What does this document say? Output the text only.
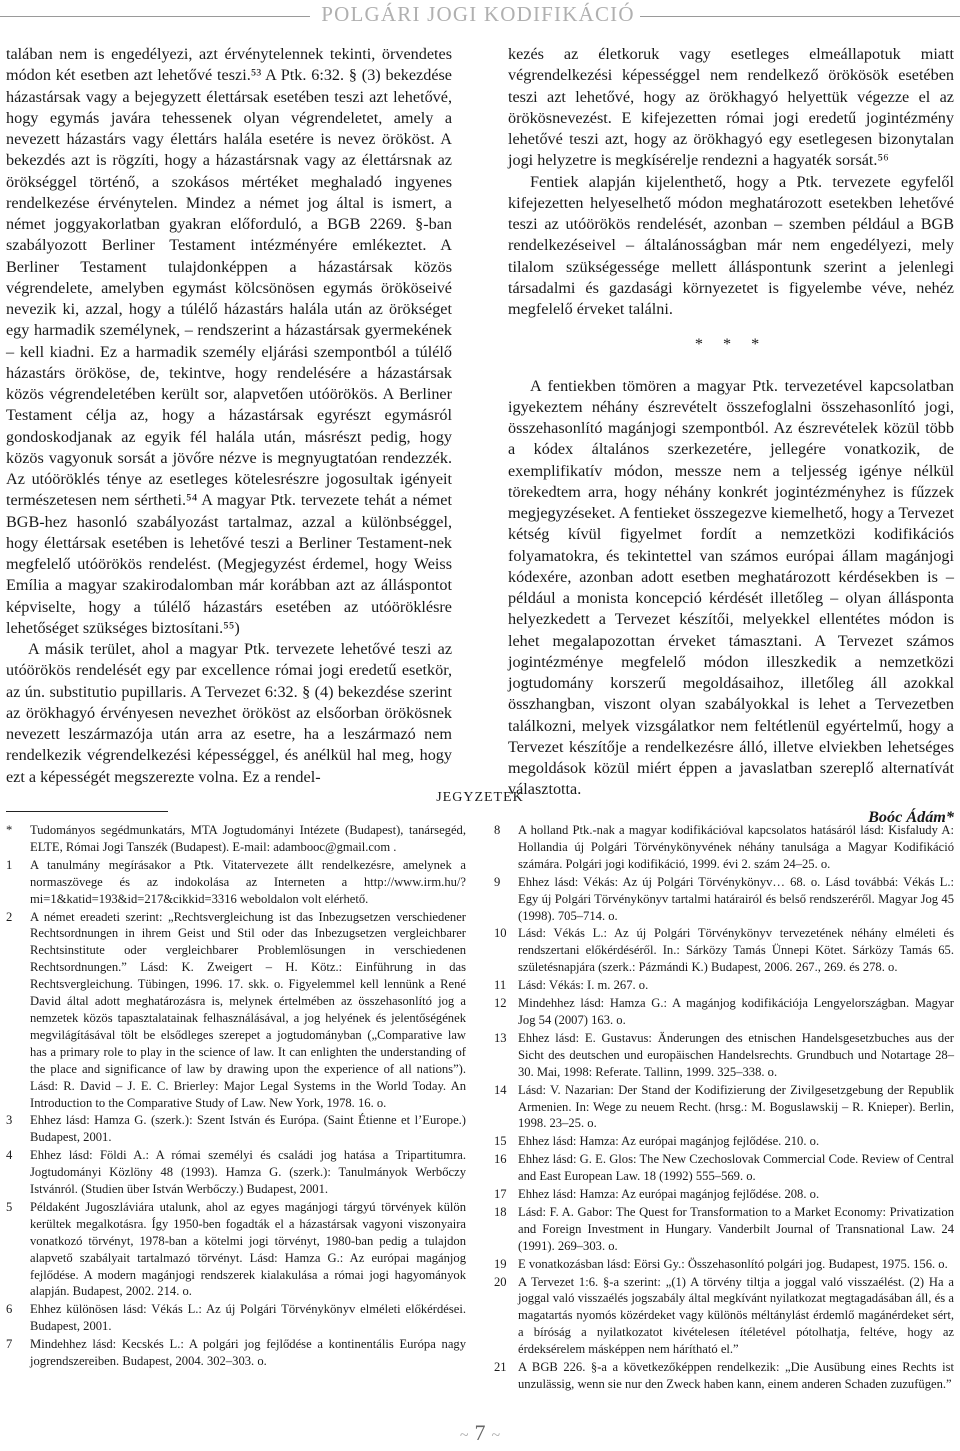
POLGÁRI JOGI KODIFIKÁCIÓ

talában nem is engedélyezi, azt érvénytelennek tekinti, örvendetes módon két esetben azt lehetővé teszi.⁵³ A Ptk. 6:32. § (3) bekezdése házastársak vagy a bejegyzett élettársak esetében teszi azt lehetővé, hogy egymás javára tehessenek olyan végrendeletet, amely a nevezett házastárs vagy élettárs halála esetére is nevez örököst. A bekezdés azt is rögzíti, hogy a házastársnak vagy az élettársnak az örökséggel történő, a szokásos mértéket meghaladó ingyenes rendelkezése érvénytelen. Mindez a német jog által is ismert, a német joggyakorlatban gyakran előforduló, a BGB 2269. §-ban szabályozott Berliner Testament intézményére emlékeztet. A Berliner Testament tulajdonképpen a házastársak közös végrendelete, amelyben egymást kölcsönösen egymás örököseivé nevezik ki, azzal, hogy a túlélő házastárs halála után az örökséget egy harmadik személynek, – rendszerint a házastársak gyermekének – kell kiadni. Ez a harmadik személy eljárási szempontból a túlélő házastárs örököse, de, tekintve, hogy rendelésére a házastársak közös végrendeletében került sor, alapvetően utóörökös. A Berliner Testament célja az, hogy a házastársak egyrészt egymásról gondoskodjanak az egyik fél halála után, másrészt pedig, hogy közös vagyonuk sorsát a jövőre nézve is megnyugtatóan rendezzék. Az utóöröklés ténye az esetleges kötelesrészre jogosultak igényeit természetesen nem sértheti.⁵⁴ A magyar Ptk. tervezete tehát a német BGB-hez hasonló szabályozást tartalmaz, azzal a különbséggel, hogy élettársak esetében is lehetővé teszi a Berliner Testament-nek megfelelő utóörökös rendelést. (Megjegyzést érdemel, hogy Weiss Emília a magyar szakirodalomban már korábban azt az álláspontot képviselte, hogy a túlélő házastárs esetében az utóöröklésre lehetőséget szükséges biztosítani.⁵⁵)

A másik terület, ahol a magyar Ptk. tervezete lehetővé teszi az utóörökös rendelését egy par excellence római jogi eredetű esetkör, az ún. substitutio pupillaris. A Tervezet 6:32. § (4) bekezdése szerint az örökhagyó érvényesen nevezhet örököst az elsőorban örökösnek nevezett leszármazója után arra az esetre, ha a leszármazó nem rendelkezik végrendelkezési képességgel, és anélkül hal meg, hogy ezt a képességét megszerezte volna. Ez a rendel-

kezés az életkoruk vagy esetleges elmeállapotuk miatt végrendelkezési képességgel nem rendelkező örökösök esetében teszi azt lehetővé, hogy az örökhagyó helyettük végezze el az örökösnevezést. E kifejezetten római jogi eredetű jogintézmény lehetővé teszi azt, hogy az örökhagyó egy esetlegesen bizonytalan jogi helyzetre is megkísérelje rendezni a hagyaték sorsát.⁵⁶

Fentiek alapján kijelenthető, hogy a Ptk. tervezete egyfelől kifejezetten helyeselhető módon meghatározott esetekben lehetővé teszi az utóörökös rendelését, azonban – szemben például a BGB rendelkezéseivel – általánosságban már nem engedélyezi, mely tilalom szükségessége mellett álláspontunk szerint a jelenlegi társadalmi és gazdasági környezetet is figyelembe véve, nehéz megfelelő érveket találni.

* * *

A fentiekben tömören a magyar Ptk. tervezetével kapcsolatban igyekeztem néhány észrevételt összefoglalni összehasonlító jogi, összehasonlító magánjogi szempontból. Az észrevételek közül több a kódex általános szerkezetére, jellegére vonatkozik, de exemplifikatív módon, messze nem a teljesség igénye nélkül törekedtem arra, hogy néhány konkrét jogintézményhez is fűzzek megjegyzéseket. A fentieket összegezve kiemelhető, hogy a Tervezet kétség kívül figyelmet fordít a nemzetközi kodifikációs folyamatokra, és tekintettel van számos európai állam magánjogi kódexére, azonban adott esetben meghatározott kérdésekben is – például a monista koncepció kérdését illetőleg – olyan állásponta helyezkedett a Tervezet készítői, melyekkel ellentétes módon is lehet megalapozottan érveket támasztani. A Tervezet számos jogintézménye megfelelő módon illeszkedik a nemzetközi jogtudomány korszerű megoldásaihoz, illetőleg áll azokkal összhangban, viszont olyan szabályokkal is lehet a Tervezetben találkozni, melyek vizsgálatkor nem feltétlenül egyértelmű, hogy a Tervezet készítője a rendelkezésre álló, illetve elviekben lehetséges megoldások közül miért éppen a javaslatban szereplő alternatívát választotta.

Boóc Ádám*
JEGYZETEK
*	Tudományos segédmunkatárs, MTA Jogtudományi Intézete (Budapest), tanársegéd, ELTE, Római Jogi Tanszék (Budapest). E-mail: adambooc@gmail.com .
1	A tanulmány megírásakor a Ptk. Vitatervezete állt rendelkezésre, amelynek a normaszövege és az indokolása az Interneten a http://www.irm.hu/?mi=1&katid=193&id=217&cikkid=3316 weboldalon volt elérhető.
2	A német ereadeti szerint: „Rechtsvergleichung ist das Inbezugsetzen verschiedener Rechtsordnungen in ihrem Geist und Stil oder das Inbezugsetzen vergleichbarer Rechtsinstitute oder vergleichbarer Problemlösungen in verschiedenen Rechtsordnungen.” Lásd: K. Zweigert – H. Kötz.: Einführung in das Rechtsvergleichung. Tübingen, 1996. 17. skk. o. Figyelemmel kell lennünk a René David által adott meghatározásra is, melynek értelmében az összehasonlító jog a nemzetek közös tapasztalatainak felhasználásával, a jog helyének és jelentőségének megvilágításával tölt be elsődleges szerepet a jogtudományban („Comparative law has a primary role to play in the science of law. It can enlighten the understanding of the place and significance of law by drawing upon the experience of all nations”). Lásd: R. David – J. E. C. Brierley: Major Legal Systems in the World Today. An Introduction to the Comparative Study of Law. New York, 1978. 16. o.
3	Ehhez lásd: Hamza G. (szerk.): Szent István és Európa. (Saint Étienne et l’Europe.) Budapest, 2001.
4	Ehhez lásd: Földi A.: A római személyi és családi jog hatása a Tripartitumra. Jogtudományi Közlöny 48 (1993). Hamza G. (szerk.): Tanulmányok Werbőczy Istvánról. (Studien über István Werbőczy.) Budapest, 2001.
5	Példaként Jugoszláviára utalunk, ahol az egyes magánjogi tárgyú törvények külön kerültek megalkotásra. Így 1950-ben fogadták el a házastársak vagyoni viszonyaira vonatkozó törvényt, 1978-ban a kötelmi jogi törvényt, 1980-ban pedig a tulajdon alapvető szabályait tartalmazó törvényt. Lásd: Hamza G.: Az európai magánjog fejlődése. A modern magánjogi rendszerek kialakulása a római jogi hagyományok alapján. Budapest, 2002. 214. o.
6	Ehhez különösen lásd: Vékás L.: Az új Polgári Törvénykönyv elméleti előkérdései. Budapest, 2001.
7	Mindehhez lásd: Kecskés L.: A polgári jog fejlődése a kontinentális Európa nagy jogrendszereiben. Budapest, 2004. 302–303. o.
8	A holland Ptk.-nak a magyar kodifikációval kapcsolatos hatásáról lásd: Kisfaludy A: Hollandia új Polgári Törvénykönyvének néhány tanulsága a Magyar Kodifikáció számára. Polgári jogi kodifikáció, 1999. évi 2. szám 24–25. o.
9	Ehhez lásd: Vékás: Az új Polgári Törvénykönyv… 68. o. Lásd továbbá: Vékás L.: Egy új Polgári Törvénykönyv tartalmi határairól és belső rendszeréről. Magyar Jog 45 (1998). 705–714. o.
10 Lásd: Vékás L.: Az új Polgári Törvénykönyv tervezetének néhány elméleti és rendszertani előkérdéséről. In.: Sárközy Tamás Ünnepi Kötet. Sárközy Tamás 65. születésnapjára (szerk.: Pázmándi K.) Budapest, 2006. 267., 269. és 278. o.
11 Lásd: Vékás: I. m. 267. o.
12 Mindehhez lásd: Hamza G.: A magánjog kodifikációja Lengyelországban. Magyar Jog 54 (2007) 163. o.
13 Ehhez lásd: E. Gustavus: Änderungen des etnischen Handelsgesetzbuches aus der Sicht des deutschen und europäischen Handelsrechts. Grundbuch und Notartage 28–30. Mai, 1998: Referate. Tallinn, 1999. 325–338. o.
14 Lásd: V. Nazarian: Der Stand der Kodifizierung der Zivilgesetzgebung der Republik Armenien. In: Wege zu neuem Recht. (hrsg.: M. Boguslawskij – R. Knieper). Berlin, 1998. 23–25. o.
15 Ehhez lásd: Hamza: Az európai magánjog fejlődése. 210. o.
16 Ehhez lásd: G. E. Glos: The New Czechoslovak Commercial Code. Review of Central and East European Law. 18 (1992) 555–569. o.
17 Ehhez lásd: Hamza: Az európai magánjog fejlődése. 208. o.
18 Lásd: F. A. Gabor: The Quest for Transformation to a Market Economy: Privatization and Foreign Investment in Hungary. Vanderbilt Journal of Transnational Law. 24 (1991). 269–303. o.
19 E vonatkozásban lásd: Eörsi Gy.: Összehasonlító polgári jog. Budapest, 1975. 156. o.
20 A Tervezet 1:6. §-a szerint: „(1) A törvény tiltja a joggal való visszaélést. (2) Ha a joggal való visszaélés jogszabály által megkívánt nyilatkozat megtagadásában áll, és a magatartás nyomós közérdeket vagy különös méltánylást érdemlő magánérdeket sért, a bíróság a nyilatkozatot kivételesen ítéletével pótolhatja, feltéve, hogy az érdeksérelem másképpen nem hárítható el.”
21 A BGB 226. §-a a következőképpen rendelkezik: „Die Ausübung eines Rechts ist unzulässig, wenn sie nur den Zweck haben kann, einem anderen Schaden zuzufügen.”
~ 7 ~
